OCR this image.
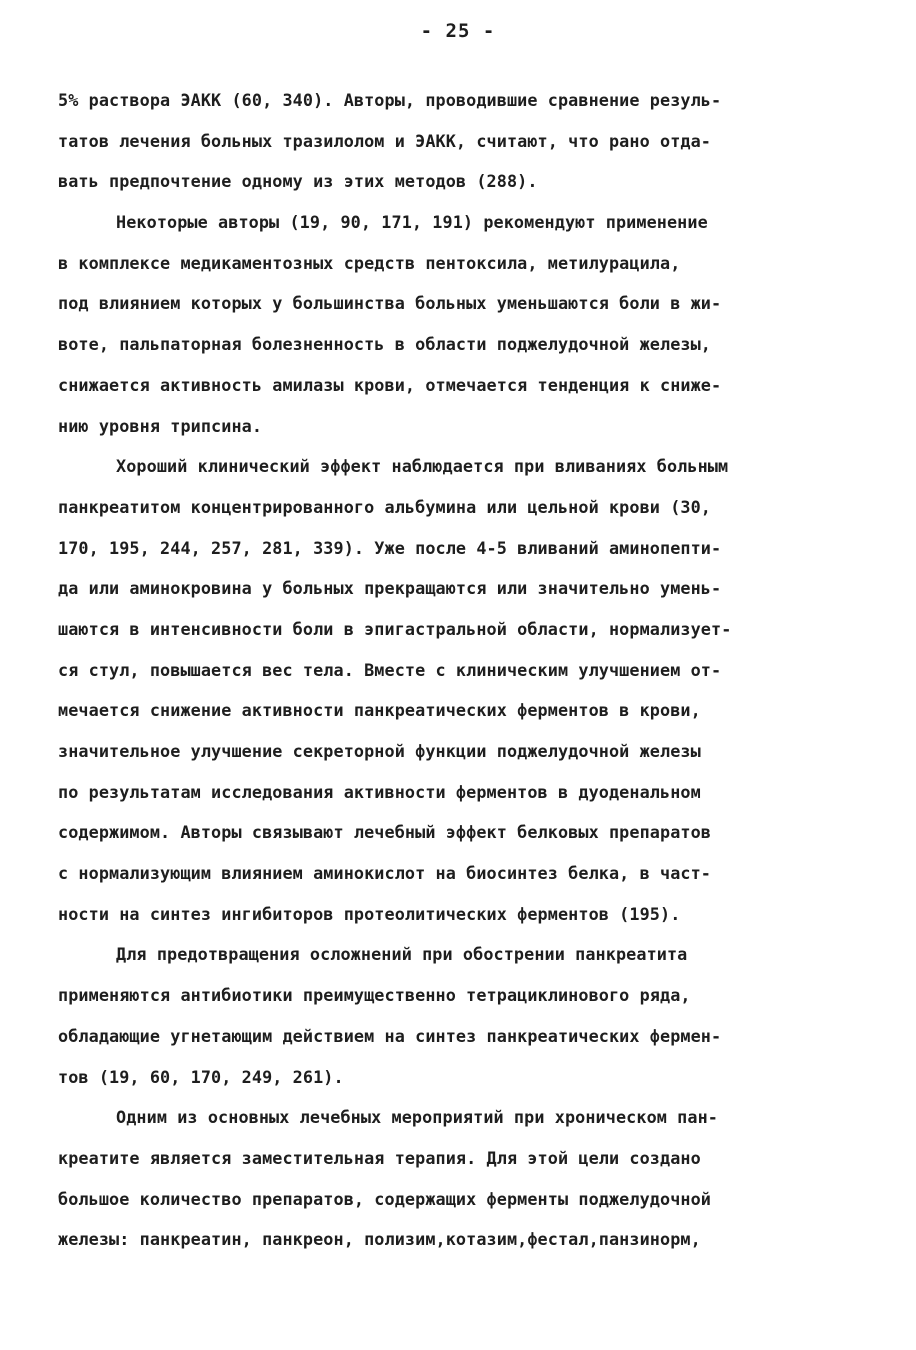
- 25 -
5% раствора ЭАКК (60, 340). Авторы, проводившие сравнение резуль-
татов лечения больных тразилолом и ЭАКК, считают, что рано отда-
вать предпочтение одному из этих методов (288).
Некоторые авторы (19, 90, 171, 191) рекомендуют применение
в комплексе медикаментозных средств пентоксила, метилурацила,
под влиянием которых у большинства больных уменьшаются боли в жи-
воте, пальпаторная болезненность в области поджелудочной железы,
снижается активность амилазы крови, отмечается тенденция к сниже-
нию уровня трипсина.
Хороший клинический эффект наблюдается при вливаниях больным
панкреатитом концентрированного альбумина или цельной крови (30,
170, 195, 244, 257, 281, 339). Уже после 4-5 вливаний аминопепти-
да или аминокровина у больных прекращаются или значительно умень-
шаются в интенсивности боли в эпигастральной области, нормализует-
ся стул, повышается вес тела. Вместе с клиническим улучшением от-
мечается снижение активности панкреатических ферментов в крови,
значительное улучшение секреторной функции поджелудочной железы
по результатам исследования активности ферментов в дуоденальном
содержимом. Авторы связывают лечебный эффект белковых препаратов
с нормализующим влиянием аминокислот на биосинтез белка, в част-
ности на синтез ингибиторов протеолитических ферментов (195).
Для предотвращения осложнений при обострении панкреатита
применяются антибиотики преимущественно тетрациклинового ряда,
обладающие угнетающим действием на синтез панкреатических фермен-
тов (19, 60, 170, 249, 261).
Одним из основных лечебных мероприятий при хроническом пан-
креатите является заместительная терапия. Для этой цели создано
большое количество препаратов, содержащих ферменты поджелудочной
железы: панкреатин, панкреон, полизим,котазим,фестал,панзинорм,
